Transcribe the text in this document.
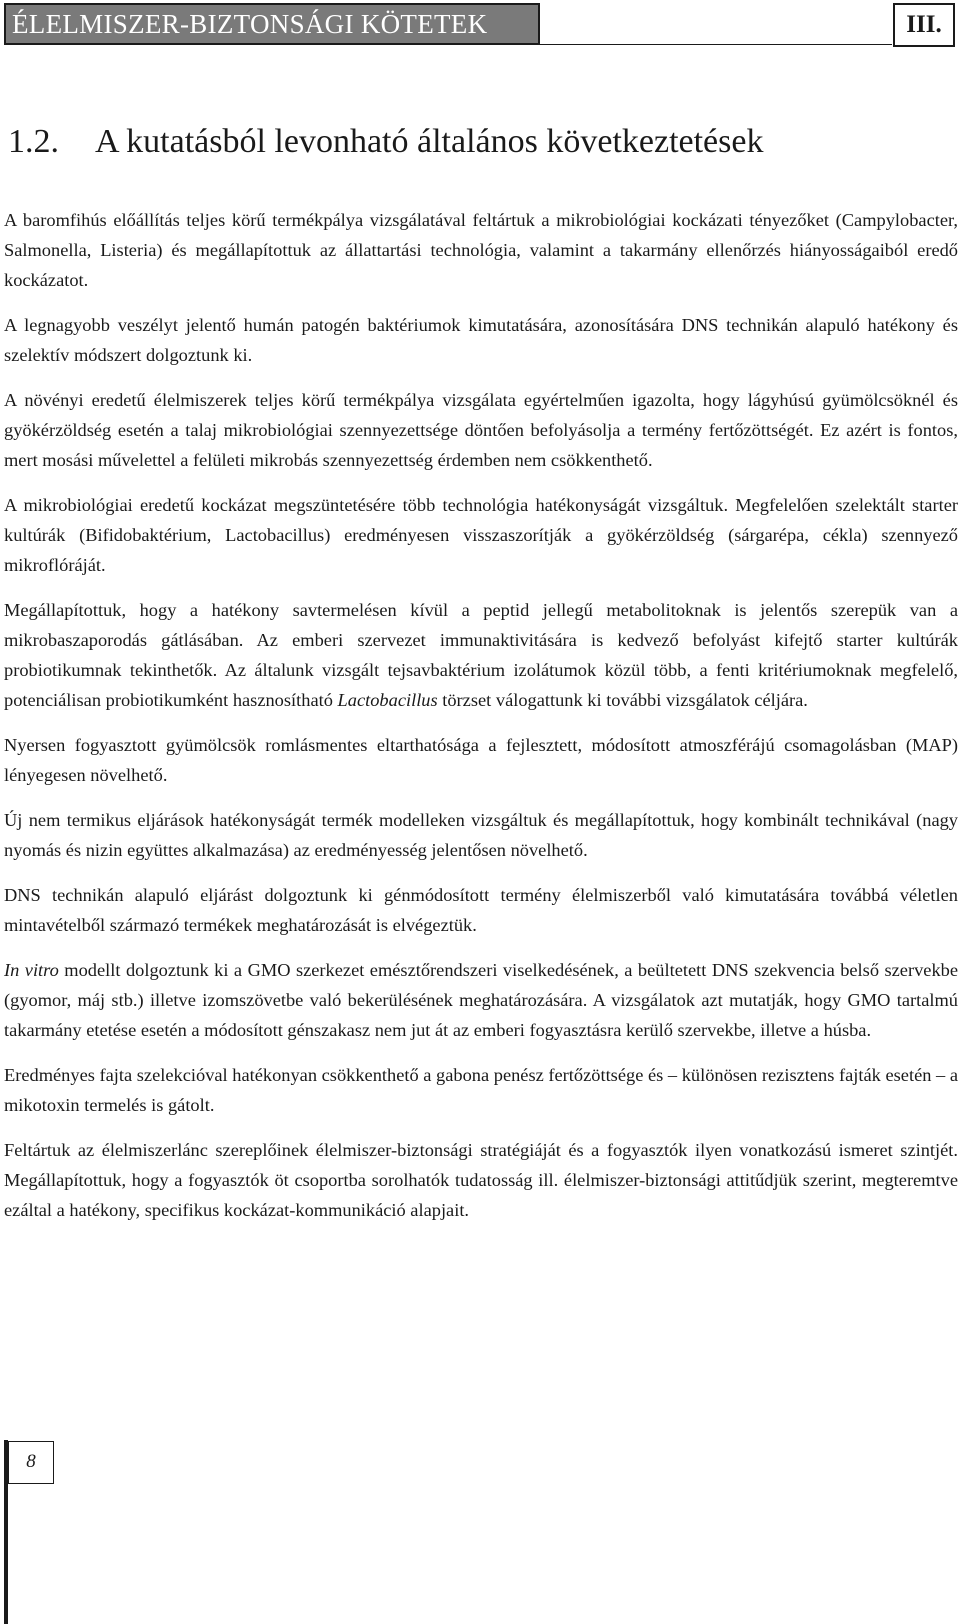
ÉLELMISZER-BIZTONSÁGI KÖTETEK	III.
1.2. A kutatásból levonható általános következtetések

A baromfihús előállítás teljes körű termékpálya vizsgálatával feltártuk a mikrobiológiai kockázati tényezőket (Campylobacter, Salmonella, Listeria) és megállapítottuk az állattartási technológia, valamint a takarmány ellenőrzés hiányosságaiból eredő kockázatot.

A legnagyobb veszélyt jelentő humán patogén baktériumok kimutatására, azonosítására DNS technikán alapuló hatékony és szelektív módszert dolgoztunk ki.

A növényi eredetű élelmiszerek teljes körű termékpálya vizsgálata egyértelműen igazolta, hogy lágyhúsú gyümölcsöknél és gyökérzöldség esetén a talaj mikrobiológiai szennyezettsége döntően befolyásolja a termény fertőzöttségét. Ez azért is fontos, mert mosási művelettel a felületi mikrobás szennyezettség érdemben nem csökkenthető.

A mikrobiológiai eredetű kockázat megszüntetésére több technológia hatékonyságát vizsgáltuk. Megfelelően szelektált starter kultúrák (Bifidobaktérium, Lactobacillus) eredményesen visszaszorítják a gyökérzöldség (sárgarépa, cékla) szennyező mikroflóráját.

Megállapítottuk, hogy a hatékony savtermelésen kívül a peptid jellegű metabolitoknak is jelentős szerepük van a mikrobaszaporodás gátlásában. Az emberi szervezet immunaktivitására is kedvező befolyást kifejtő starter kultúrák probiotikumnak tekinthetők. Az általunk vizsgált tejsavbaktérium izolátumok közül több, a fenti kritériumoknak megfelelő, potenciálisan probiotikumként hasznosítható Lactobacillus törzset válogattunk ki további vizsgálatok céljára.

Nyersen fogyasztott gyümölcsök romlásmentes eltarthatósága a fejlesztett, módosított atmoszférájú csomagolásban (MAP) lényegesen növelhető.

Új nem termikus eljárások hatékonyságát termék modelleken vizsgáltuk és megállapítottuk, hogy kombinált technikával (nagy nyomás és nizin együttes alkalmazása) az eredményesség jelentősen növelhető.

DNS technikán alapuló eljárást dolgoztunk ki génmódosított termény élelmiszerből való kimutatására továbbá véletlen mintavételből származó termékek meghatározását is elvégeztük.

In vitro modellt dolgoztunk ki a GMO szerkezet emésztőrendszeri viselkedésének, a beültetett DNS szekvencia belső szervekbe (gyomor, máj stb.) illetve izomszövetbe való bekerülésének meghatározására. A vizsgálatok azt mutatják, hogy GMO tartalmú takarmány etetése esetén a módosított génszakasz nem jut át az emberi fogyasztásra kerülő szervekbe, illetve a húsba.

Eredményes fajta szelekcióval hatékonyan csökkenthető a gabona penész fertőzöttsége és – különösen rezisztens fajták esetén – a mikotoxin termelés is gátolt.

Feltártuk az élelmiszerlánc szereplőinek élelmiszer-biztonsági stratégiáját és a fogyasztók ilyen vonatkozású ismeret szintjét. Megállapítottuk, hogy a fogyasztók öt csoportba sorolhatók tudatosság ill. élelmiszer-biztonsági attitűdjük szerint, megteremtve ezáltal a hatékony, specifikus kockázat-kommunikáció alapjait.

8
